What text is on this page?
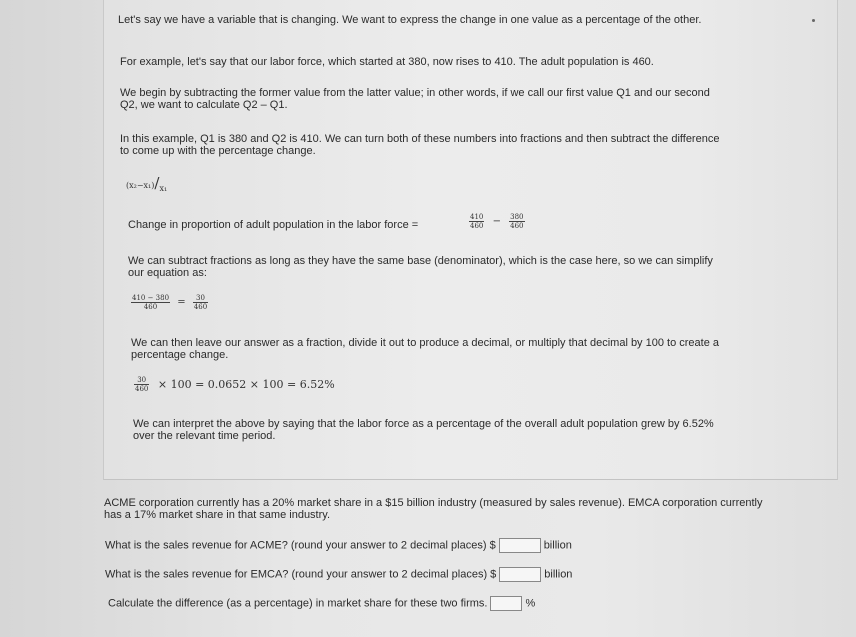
Let's say we have a variable that is changing. We want to express the change in one value as a percentage of the other.

For example, let's say that our labor force, which started at 380, now rises to 410. The adult population is 460.

We begin by subtracting the former value from the latter value; in other words, if we call our first value Q1 and our second

Q2, we want to calculate Q2 – Q1.

In this example, Q1 is 380 and Q2 is 410. We can turn both of these numbers into fractions and then subtract the difference

to come up with the percentage change.

(x₂−x₁)/x₁

Change in proportion of adult population in the labor force =	$\frac{410}{460} - \frac{380}{460}$

We can subtract fractions as long as they have the same base (denominator), which is the case here, so we can simplify

our equation as:

$\frac{410 - 380}{460} = \frac{30}{460}$

We can then leave our answer as a fraction, divide it out to produce a decimal, or multiply that decimal by 100 to create a

percentage change.

$\frac{30}{460} \times 100 = 0.0652 \times 100 = 6.52\%$

We can interpret the above by saying that the labor force as a percentage of the overall adult population grew by 6.52%

over the relevant time period.

ACME corporation currently has a 20% market share in a $15 billion industry (measured by sales revenue). EMCA corporation currently

has a 17% market share in that same industry.

What is the sales revenue for ACME? (round your answer to 2 decimal places) $	billion
What is the sales revenue for EMCA? (round your answer to 2 decimal places) $	billion
Calculate the difference (as a percentage) in market share for these two firms.	%
